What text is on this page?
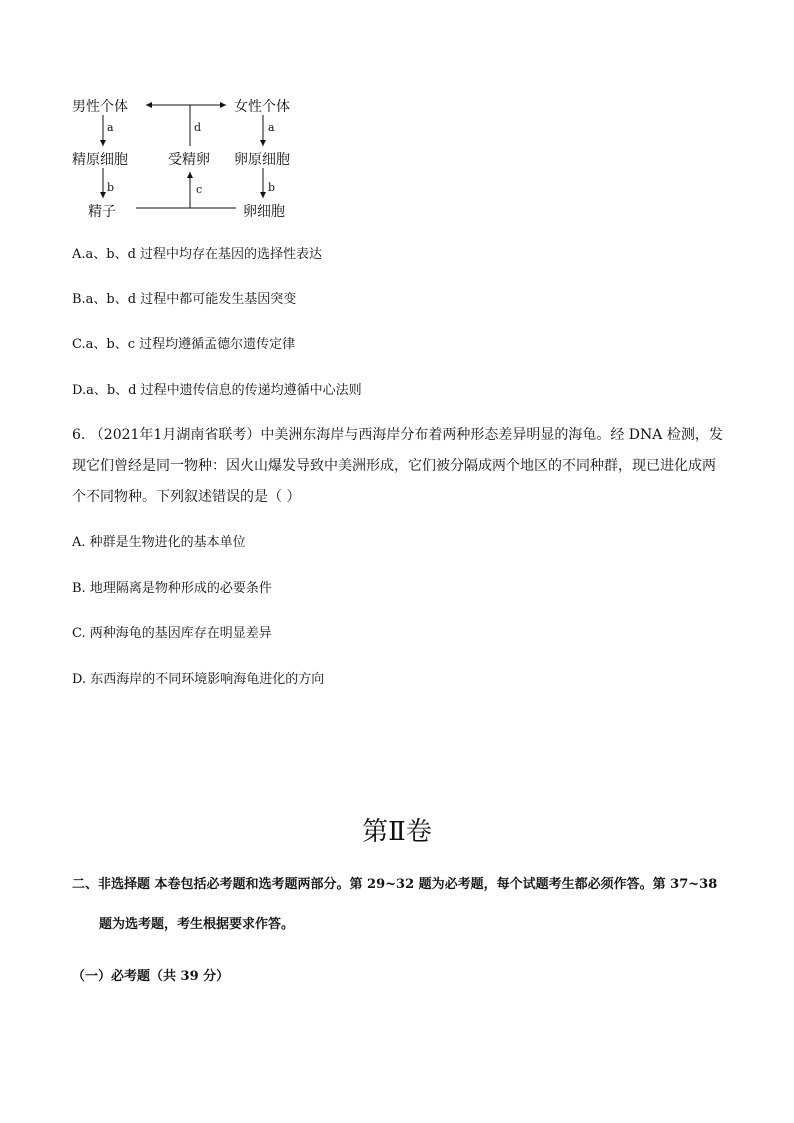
男性个体	女性个体
精原细胞	受精卵 卵原细胞
精子	卵细胞
a	a
d
b	b
c
A.a、b、d 过程中均存在基因的选择性表达
B.a、b、d 过程中都可能发生基因突变
C.a、b、c 过程均遵循孟德尔遗传定律
D.a、b、d 过程中遗传信息的传递均遵循中心法则
6. （2021年1月湖南省联考）中美洲东海岸与西海岸分布着两种形态差异明显的海龟。经 DNA 检测，发
现它们曾经是同一物种：因火山爆发导致中美洲形成，它们被分隔成两个地区的不同种群，现已进化成两
个不同物种。下列叙述错误的是（ ）
A. 种群是生物进化的基本单位
B. 地理隔离是物种形成的必要条件
C. 两种海龟的基因库存在明显差异
D. 东西海岸的不同环境影响海龟进化的方向
第Ⅱ卷
二、非选择题 本卷包括必考题和选考题两部分。第 29~32 题为必考题，每个试题考生都必须作答。第 37~38
题为选考题，考生根据要求作答。
（一）必考题（共 39 分）
